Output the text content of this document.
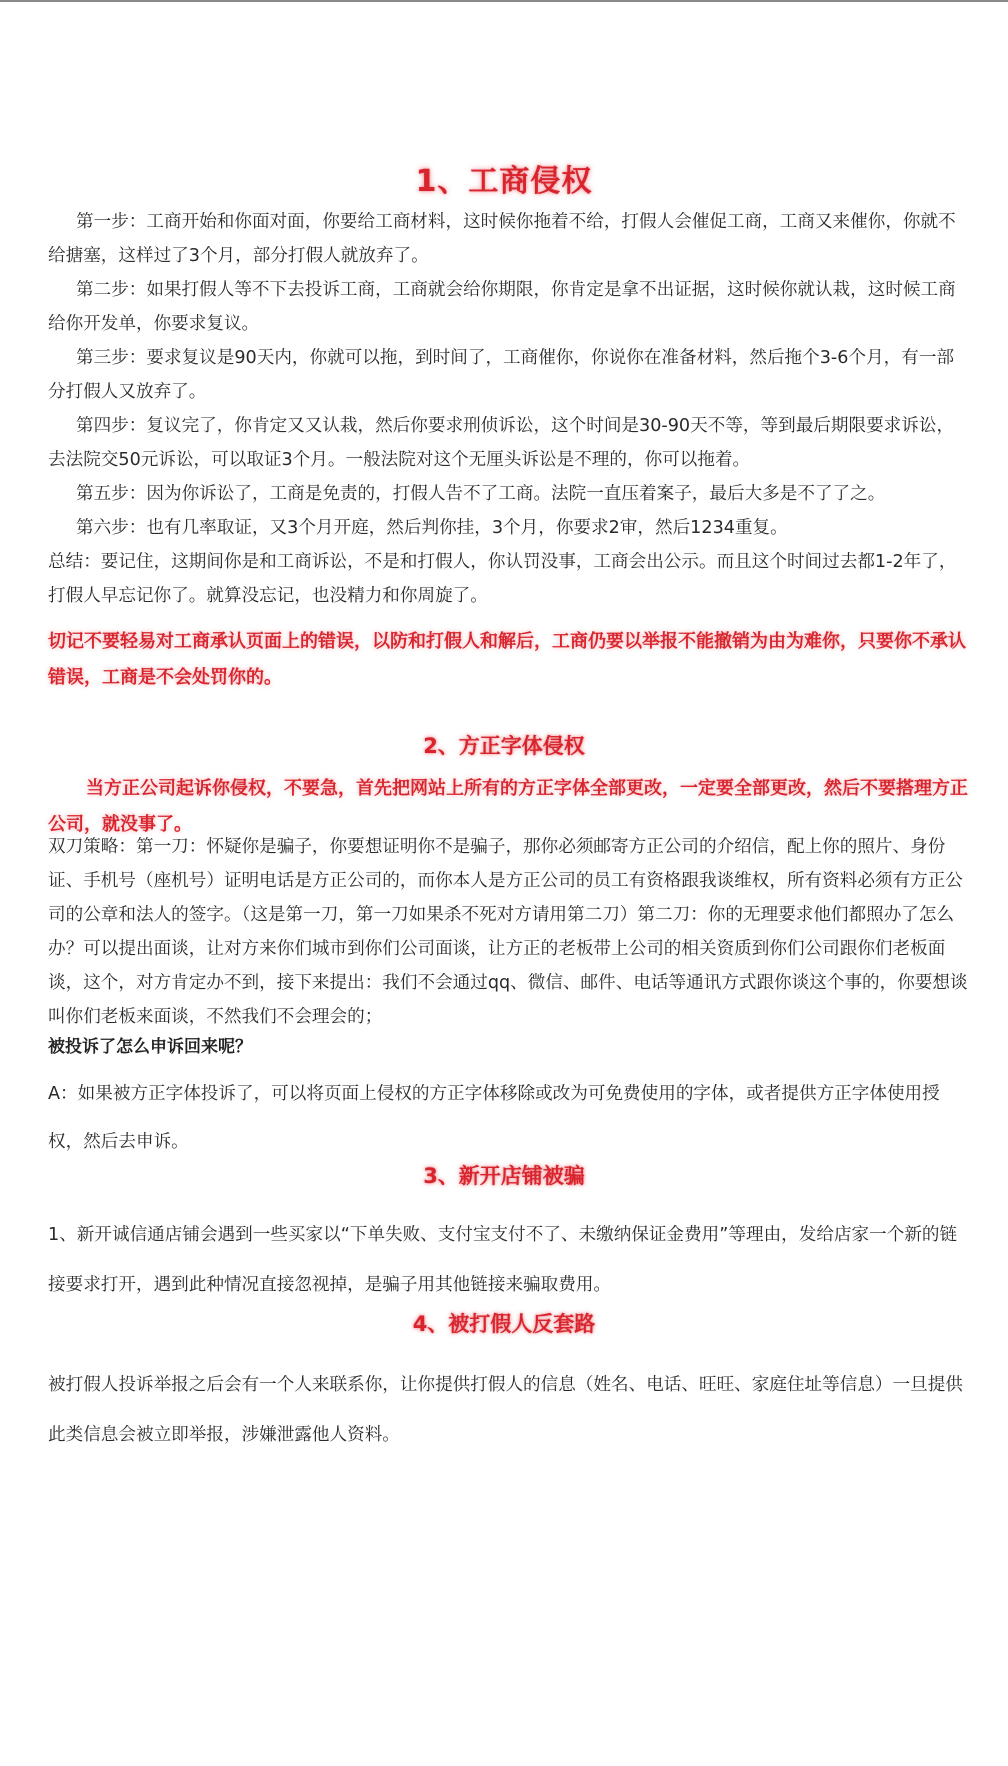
1、工商侵权
第一步：工商开始和你面对面，你要给工商材料，这时候你拖着不给，打假人会催促工商，工商又来催你，你就不给搪塞，这样过了3个月，部分打假人就放弃了。
第二步：如果打假人等不下去投诉工商，工商就会给你期限，你肯定是拿不出证据，这时候你就认栽，这时候工商给你开发单，你要求复议。
第三步：要求复议是90天内，你就可以拖，到时间了，工商催你，你说你在准备材料，然后拖个3-6个月，有一部分打假人又放弃了。
第四步：复议完了，你肯定又又认栽，然后你要求刑侦诉讼，这个时间是30-90天不等，等到最后期限要求诉讼，去法院交50元诉讼，可以取证3个月。一般法院对这个无厘头诉讼是不理的，你可以拖着。
第五步：因为你诉讼了，工商是免责的，打假人告不了工商。法院一直压着案子，最后大多是不了了之。
第六步：也有几率取证，又3个月开庭，然后判你挂，3个月，你要求2审，然后1234重复。
总结：要记住，这期间你是和工商诉讼，不是和打假人，你认罚没事，工商会出公示。而且这个时间过去都1-2年了，打假人早忘记你了。就算没忘记，也没精力和你周旋了。
切记不要轻易对工商承认页面上的错误，以防和打假人和解后，工商仍要以举报不能撤销为由为难你，只要你不承认错误，工商是不会处罚你的。
2、方正字体侵权
当方正公司起诉你侵权，不要急，首先把网站上所有的方正字体全部更改，一定要全部更改，然后不要搭理方正公司，就没事了。
双刀策略：第一刀：怀疑你是骗子，你要想证明你不是骗子，那你必须邮寄方正公司的介绍信，配上你的照片、身份证、手机号（座机号）证明电话是方正公司的，而你本人是方正公司的员工有资格跟我谈维权，所有资料必须有方正公司的公章和法人的签字。（这是第一刀，第一刀如果杀不死对方请用第二刀）第二刀：你的无理要求他们都照办了怎么办？可以提出面谈，让对方来你们城市到你们公司面谈，让方正的老板带上公司的相关资质到你们公司跟你们老板面谈，这个，对方肯定办不到，接下来提出：我们不会通过qq、微信、邮件、电话等通讯方式跟你谈这个事的，你要想谈叫你们老板来面谈，不然我们不会理会的；
被投诉了怎么申诉回来呢？
A：如果被方正字体投诉了，可以将页面上侵权的方正字体移除或改为可免费使用的字体，或者提供方正字体使用授权，然后去申诉。
3、新开店铺被骗
1、新开诚信通店铺会遇到一些买家以“下单失败、支付宝支付不了、未缴纳保证金费用”等理由，发给店家一个新的链接要求打开，遇到此种情况直接忽视掉，是骗子用其他链接来骗取费用。
4、被打假人反套路
被打假人投诉举报之后会有一个人来联系你，让你提供打假人的信息（姓名、电话、旺旺、家庭住址等信息）一旦提供此类信息会被立即举报，涉嫌泄露他人资料。
